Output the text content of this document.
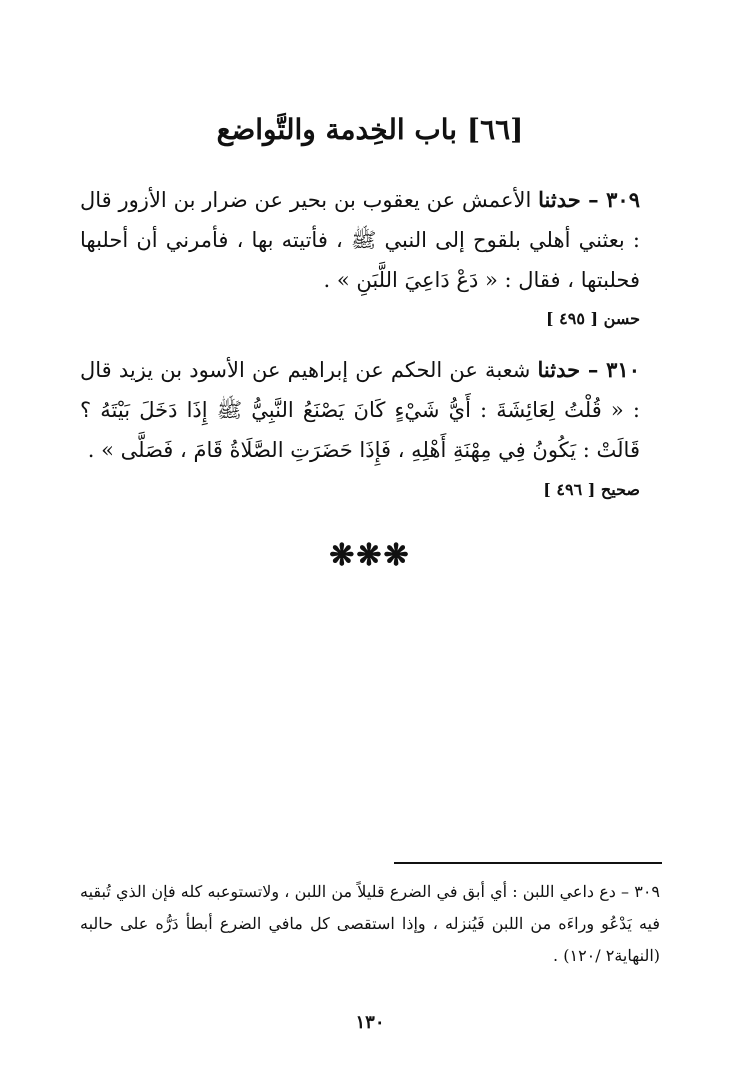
[٦٦] باب الخِدمة والتَّواضع

٣٠٩ – حدثنا الأعمش عن يعقوب بن بحير عن ضرار بن الأزور قال : بعثني أهلي بلقوح إلى النبي ﷺ ، فأتيته بها ، فأمرني أن أحلبها فحلبتها ، فقال : « دَعْ دَاعِيَ اللَّبَنِ » .

حسن [ ٤٩٥ ]

٣١٠ – حدثنا شعبة عن الحكم عن إبراهيم عن الأسود بن يزيد قال : « قُلْتُ لِعَائِشَةَ : أَيُّ شَيْءٍ كَانَ يَصْنَعُ النَّبِيُّ ﷺ إِذَا دَخَلَ بَيْتَهُ ؟ قَالَتْ : يَكُونُ فِي مِهْنَةِ أَهْلِهِ ، فَإِذَا حَضَرَتِ الصَّلَاةُ قَامَ ، فَصَلَّى » .

صحيح [ ٤٩٦ ]
❋❋❋

٣٠٩ – دع داعي اللبن : أي أبق في الضرع قليلاً من اللبن ، ولاتستوعبه كله فإن الذي تُبقيه فيه يَدْعُو وراءَه من اللبن فَيُنزله ، وإذا استقصى كل مافي الضرع أبطأ دَرُّه على حالبه (النهاية٢ /١٢٠) .

١٣٠
